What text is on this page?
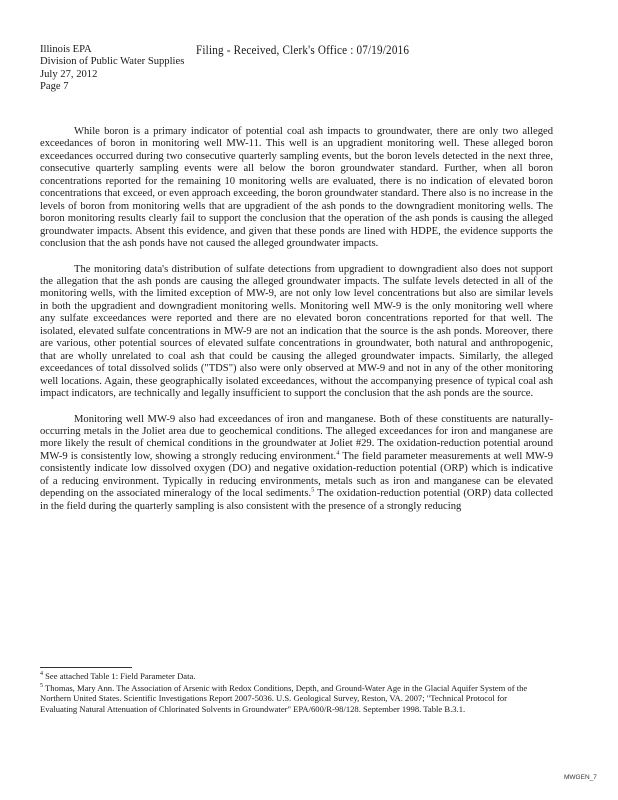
Illinois EPA
Division of Public Water Supplies
July 27, 2012
Page 7
Filing - Received, Clerk's Office : 07/19/2016

While boron is a primary indicator of potential coal ash impacts to groundwater, there are only two alleged exceedances of boron in monitoring well MW-11. This well is an upgradient monitoring well. These alleged boron exceedances occurred during two consecutive quarterly sampling events, but the boron levels detected in the next three, consecutive quarterly sampling events were all below the boron groundwater standard. Further, when all boron concentrations reported for the remaining 10 monitoring wells are evaluated, there is no indication of elevated boron concentrations that exceed, or even approach exceeding, the boron groundwater standard. There also is no increase in the levels of boron from monitoring wells that are upgradient of the ash ponds to the downgradient monitoring wells. The boron monitoring results clearly fail to support the conclusion that the operation of the ash ponds is causing the alleged groundwater impacts. Absent this evidence, and given that these ponds are lined with HDPE, the evidence supports the conclusion that the ash ponds have not caused the alleged groundwater impacts.

The monitoring data's distribution of sulfate detections from upgradient to downgradient also does not support the allegation that the ash ponds are causing the alleged groundwater impacts. The sulfate levels detected in all of the monitoring wells, with the limited exception of MW-9, are not only low level concentrations but also are similar levels in both the upgradient and downgradient monitoring wells. Monitoring well MW-9 is the only monitoring well where any sulfate exceedances were reported and there are no elevated boron concentrations reported for that well. The isolated, elevated sulfate concentrations in MW-9 are not an indication that the source is the ash ponds. Moreover, there are various, other potential sources of elevated sulfate concentrations in groundwater, both natural and anthropogenic, that are wholly unrelated to coal ash that could be causing the alleged groundwater impacts. Similarly, the alleged exceedances of total dissolved solids ("TDS") also were only observed at MW-9 and not in any of the other monitoring well locations. Again, these geographically isolated exceedances, without the accompanying presence of typical coal ash impact indicators, are technically and legally insufficient to support the conclusion that the ash ponds are the source.

Monitoring well MW-9 also had exceedances of iron and manganese. Both of these constituents are naturally-occurring metals in the Joliet area due to geochemical conditions. The alleged exceedances for iron and manganese are more likely the result of chemical conditions in the groundwater at Joliet #29. The oxidation-reduction potential around MW-9 is consistently low, showing a strongly reducing environment.$^4$ The field parameter measurements at well MW-9 consistently indicate low dissolved oxygen (DO) and negative oxidation-reduction potential (ORP) which is indicative of a reducing environment. Typically in reducing environments, metals such as iron and manganese can be elevated depending on the associated mineralogy of the local sediments.$^5$ The oxidation-reduction potential (ORP) data collected in the field during the quarterly sampling is also consistent with the presence of a strongly reducing

$^4$ See attached Table 1: Field Parameter Data.

$^5$ Thomas, Mary Ann. The Association of Arsenic with Redox Conditions, Depth, and Ground-Water Age in the Glacial Aquifer System of the Northern United States. Scientific Investigations Report 2007-5036. U.S. Geological Survey, Reston, VA. 2007; "Technical Protocol for Evaluating Natural Attenuation of Chlorinated Solvents in Groundwater" EPA/600/R-98/128. September 1998. Table B.3.1.

MWGEN_7
